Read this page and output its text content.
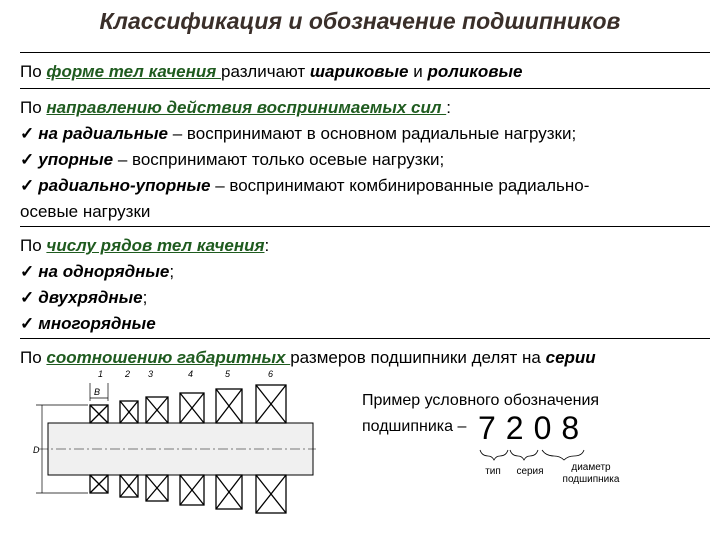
Классификация и обозначение подшипников
По форме тел качения различают шариковые и роликовые
По направлению действия воспринимаемых сил :
✓ на радиальные – воспринимают в основном радиальные нагрузки;
✓ упорные – воспринимают только осевые нагрузки;
✓ радиально-упорные – воспринимают комбинированные радиально-
осевые нагрузки
По числу рядов тел качения:
✓ на однорядные;
✓ двухрядные;
✓ многорядные
По соотношению габаритных размеров подшипники делят на серии
1 2 3	4	5	6
B
D
Пример условного обозначения
подшипника – 7208
тип	серия	диаметр
подшипника
